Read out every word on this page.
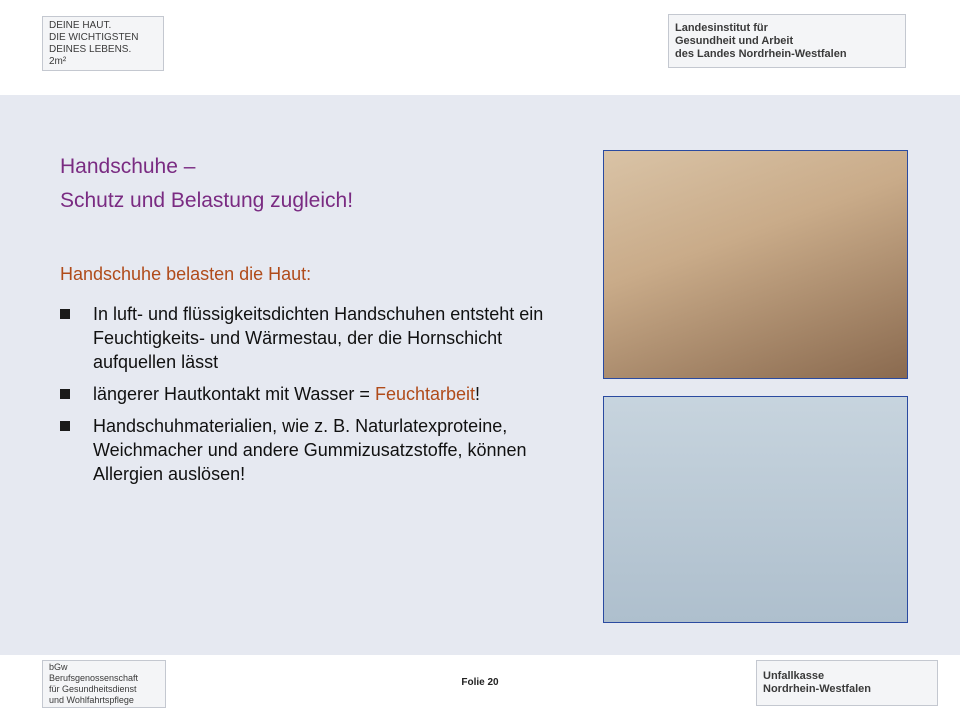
DEINE HAUT.
DIE WICHTIGSTEN
DEINES LEBENS.
2m²
Landesinstitut für
Gesundheit und Arbeit
des Landes Nordrhein-Westfalen
Handschuhe –
Schutz und Belastung zugleich!
Handschuhe belasten die Haut:
In luft- und flüssigkeitsdichten Handschuhen entsteht ein Feuchtigkeits- und Wärmestau, der die Hornschicht aufquellen lässt
längerer Hautkontakt mit Wasser = Feuchtarbeit!
Handschuhmaterialien, wie z. B. Naturlatexproteine, Weichmacher und andere Gummizusatzstoffe, können Allergien auslösen!
bGw
Berufsgenossenschaft
für Gesundheitsdienst
und Wohlfahrtspflege
Unfallkasse
Nordrhein-Westfalen
Folie 20
